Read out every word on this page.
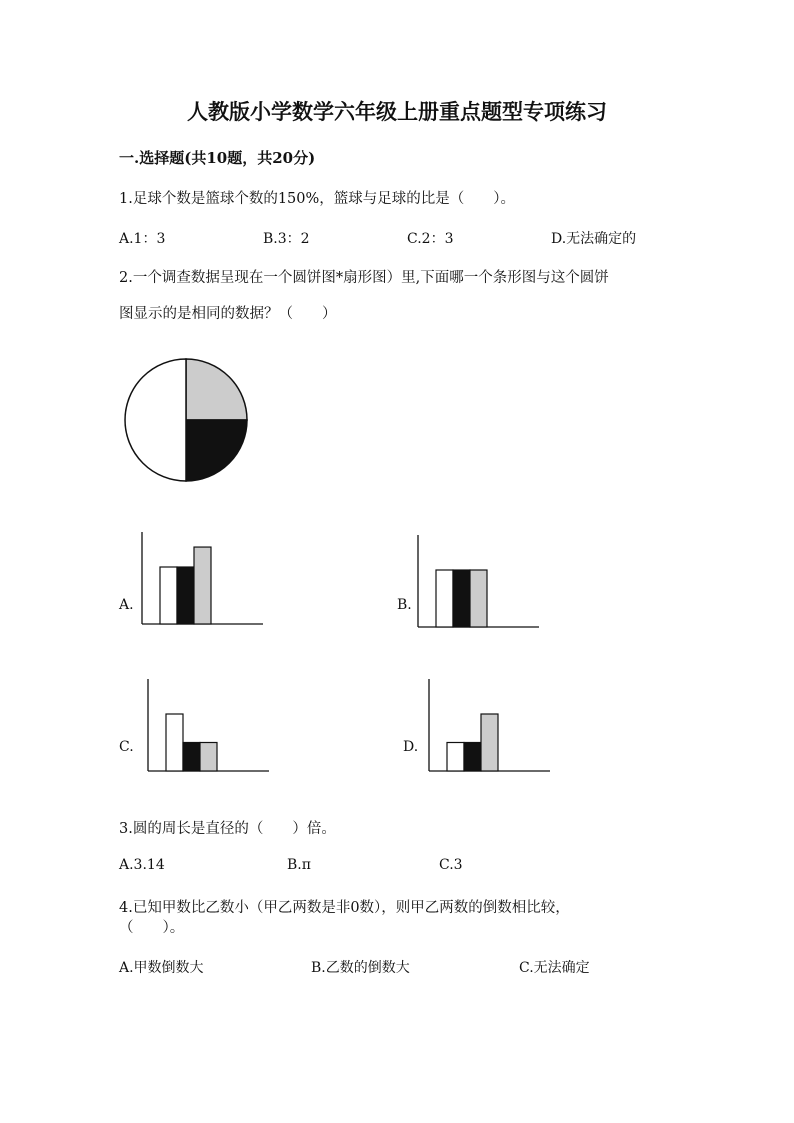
人教版小学数学六年级上册重点题型专项练习
一.选择题(共10题，共20分)
1.足球个数是篮球个数的150%，篮球与足球的比是（　　）。
A.1：3	B.3：2	C.2：3	D.无法确定的
2.一个调查数据呈现在一个圆饼图*扇形图）里,下面哪一个条形图与这个圆饼
图显示的是相同的数据？（　　）
A.	B.
C.	D.
3.圆的周长是直径的（　　）倍。
A.3.14	B.π	C.3
4.已知甲数比乙数小（甲乙两数是非0数），则甲乙两数的倒数相比较，
（　　）。
A.甲数倒数大	B.乙数的倒数大	C.无法确定
